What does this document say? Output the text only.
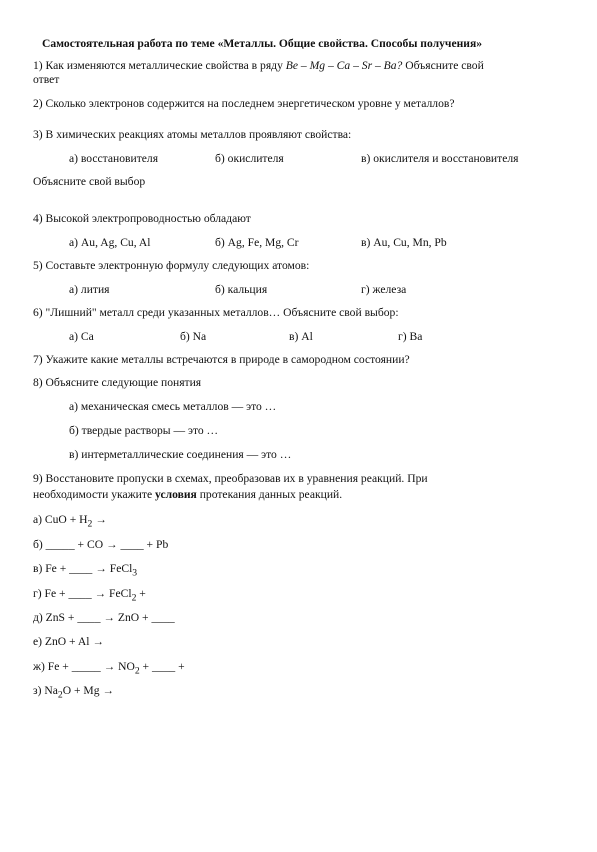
Самостоятельная работа по теме «Металлы. Общие свойства. Способы получения»
1) Как изменяются металлические свойства в ряду Be – Mg – Ca – Sr – Ba? Объясните свой
ответ
2) Сколько электронов содержится на последнем энергетическом уровне у металлов?
3) В химических реакциях атомы металлов проявляют свойства:
а) восстановителя	б) окислителя	в) окислителя и восстановителя
Объясните свой выбор
4) Высокой электропроводностью обладают
а) Au, Ag, Cu, Al	б) Ag, Fe, Mg, Cr	в) Au, Cu, Mn, Pb
5) Составьте электронную формулу следующих атомов:
а) лития	б) кальция	г) железа
6) "Лишний" металл среди указанных металлов… Объясните свой выбор:
а) Ca	б) Na	в) Al	г) Ba
7) Укажите какие металлы встречаются в природе в самородном состоянии?
8) Объясните следующие понятия
а) механическая смесь металлов — это …
б) твердые растворы — это …
в) интерметаллические соединения — это …
9) Восстановите пропуски в схемах, преобразовав их в уравнения реакций. При
необходимости укажите условия протекания данных реакций.
а) CuO + $H_2$ →
б) _____ + CO → ____ + Pb
в) Fe + ____ → FeCl$_3$
г) Fe + ____ → FeCl$_2$ +
д) ZnS + ____ → ZnO + ____
е) ZnO + Al →
ж) Fe + _____ → $NO_2$ + ____ +
з) $Na_2O + Mg$ →
